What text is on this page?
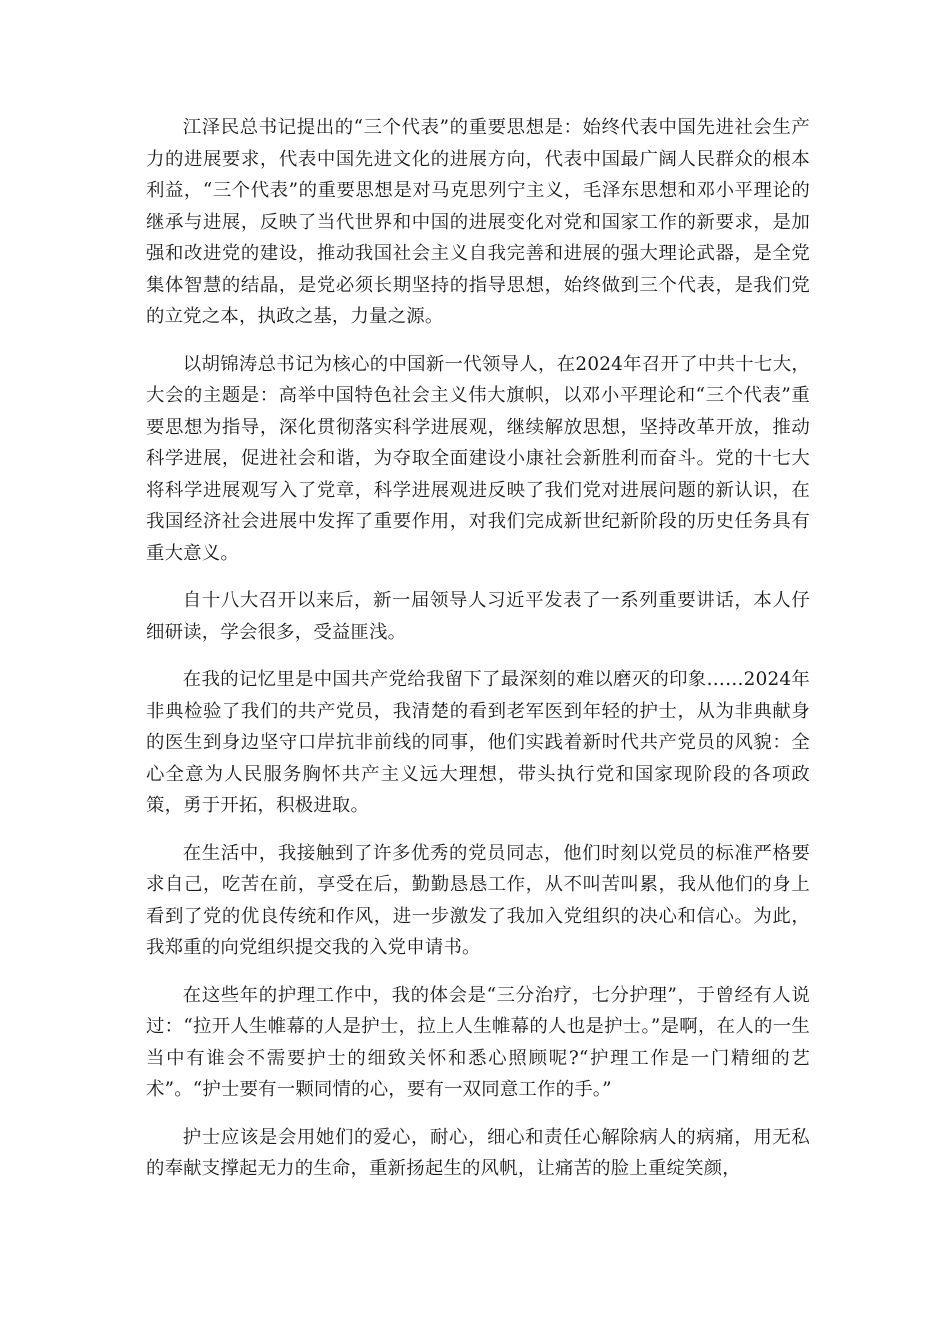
江泽民总书记提出的“三个代表”的重要思想是：始终代表中国先进社会生产力的进展要求，代表中国先进文化的进展方向，代表中国最广阔人民群众的根本利益，“三个代表”的重要思想是对马克思列宁主义，毛泽东思想和邓小平理论的继承与进展，反映了当代世界和中国的进展变化对党和国家工作的新要求，是加强和改进党的建设，推动我国社会主义自我完善和进展的强大理论武器，是全党集体智慧的结晶，是党必须长期坚持的指导思想，始终做到三个代表，是我们党的立党之本，执政之基，力量之源。

以胡锦涛总书记为核心的中国新一代领导人，在2024年召开了中共十七大，大会的主题是：高举中国特色社会主义伟大旗帜，以邓小平理论和“三个代表”重要思想为指导，深化贯彻落实科学进展观，继续解放思想，坚持改革开放，推动科学进展，促进社会和谐，为夺取全面建设小康社会新胜利而奋斗。党的十七大将科学进展观写入了党章，科学进展观进反映了我们党对进展问题的新认识，在我国经济社会进展中发挥了重要作用，对我们完成新世纪新阶段的历史任务具有重大意义。

自十八大召开以来后，新一届领导人习近平发表了一系列重要讲话，本人仔细研读，学会很多，受益匪浅。

在我的记忆里是中国共产党给我留下了最深刻的难以磨灭的印象……2024年非典检验了我们的共产党员，我清楚的看到老军医到年轻的护士，从为非典献身的医生到身边坚守口岸抗非前线的同事，他们实践着新时代共产党员的风貌：全心全意为人民服务胸怀共产主义远大理想，带头执行党和国家现阶段的各项政策，勇于开拓，积极进取。

在生活中，我接触到了许多优秀的党员同志，他们时刻以党员的标准严格要求自己，吃苦在前，享受在后，勤勤恳恳工作，从不叫苦叫累，我从他们的身上看到了党的优良传统和作风，进一步激发了我加入党组织的决心和信心。为此，我郑重的向党组织提交我的入党申请书。

在这些年的护理工作中，我的体会是“三分治疗，七分护理”，于曾经有人说过：“拉开人生帷幕的人是护士，拉上人生帷幕的人也是护士。”是啊，在人的一生当中有谁会不需要护士的细致关怀和悉心照顾呢?“护理工作是一门精细的艺术”。“护士要有一颗同情的心，要有一双同意工作的手。”

护士应该是会用她们的爱心，耐心，细心和责任心解除病人的病痛，用无私的奉献支撑起无力的生命，重新扬起生的风帆，让痛苦的脸上重绽笑颜，
